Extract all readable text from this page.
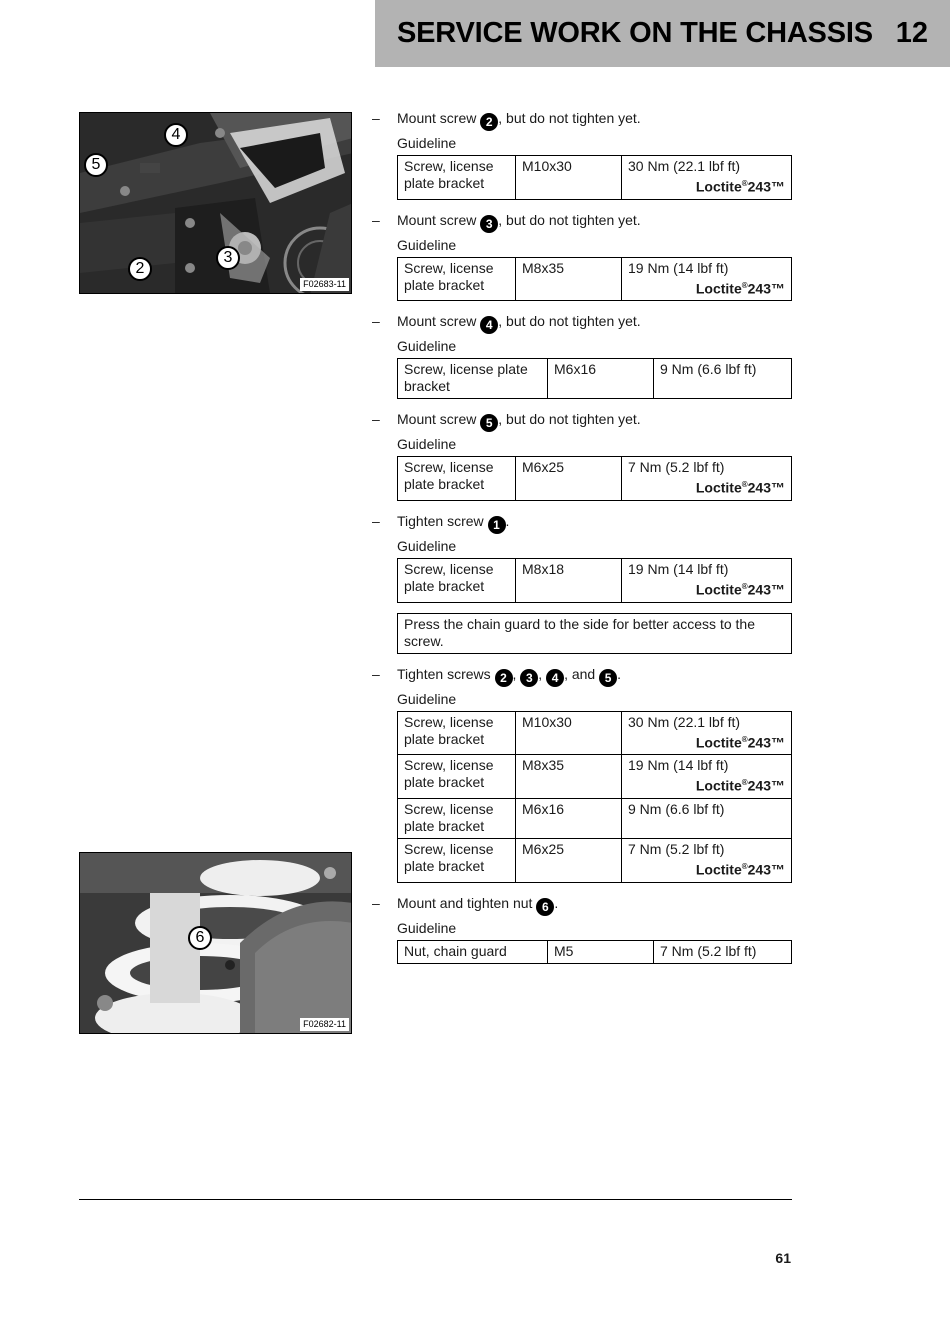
SERVICE WORK ON THE CHASSIS 12
4
5
2
3
F02683-11
6
F02682-11
– Mount screw 2 , but do not tighten yet.
Guideline
Screw, license plate bracket	M10x30	30 Nm (22.1 lbf ft)
Loctite®243™
– Mount screw 3 , but do not tighten yet.
Guideline
Screw, license plate bracket	M8x35	19 Nm (14 lbf ft)
Loctite®243™
– Mount screw 4 , but do not tighten yet.
Guideline
Screw, license plate bracket	M6x16	9 Nm (6.6 lbf ft)
– Mount screw 5 , but do not tighten yet.
Guideline
Screw, license plate bracket	M6x25	7 Nm (5.2 lbf ft)
Loctite®243™
– Tighten screw 1 .
Guideline
Screw, license plate bracket	M8x18	19 Nm (14 lbf ft)
Loctite®243™
Press the chain guard to the side for better access to the screw.
– Tighten screws 2 , 3 , 4 , and 5 .
Guideline
Screw, license plate bracket	M10x30	30 Nm (22.1 lbf ft)
Loctite®243™

Screw, license plate bracket	M8x35	19 Nm (14 lbf ft)
Loctite®243™

Screw, license plate bracket	M6x16	9 Nm (6.6 lbf ft)
Screw, license plate bracket	M6x25	7 Nm (5.2 lbf ft)
Loctite®243™
– Mount and tighten nut 6 .
Guideline
Nut, chain guard	M5	7 Nm (5.2 lbf ft)
61
